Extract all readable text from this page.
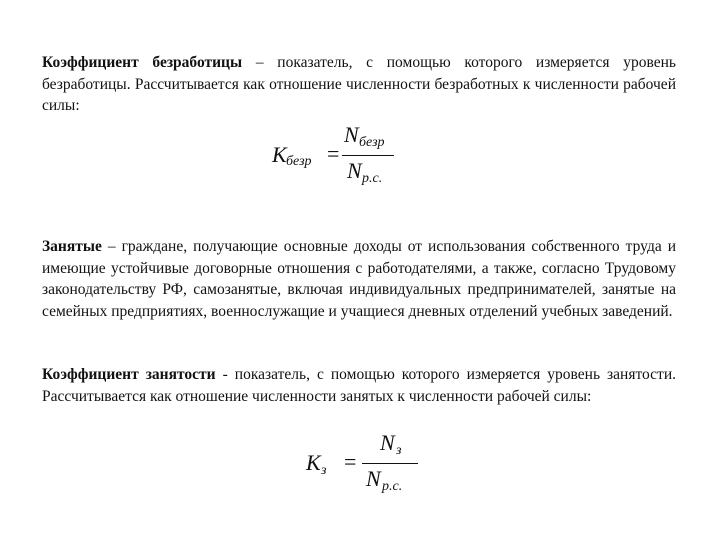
Коэффициент безработицы – показатель, с помощью которого измеряется уровень безработицы. Рассчитывается как отношение численности безработных к численности рабочей силы:

K безр =
N безр
N р.с.

Занятые – граждане, получающие основные доходы от использования собственного труда и имеющие устойчивые договорные отношения с работодателями, а также, согласно Трудовому законодательству РФ, самозанятые, включая индивидуальных предпринимателей, занятые на семейных предприятиях, военнослужащие и учащиеся дневных отделений учебных заведений.

Коэффициент занятости - показатель, с помощью которого измеряется уровень занятости. Рассчитывается как отношение численности занятых к численности рабочей силы:

K з =
N з
N р.с.
